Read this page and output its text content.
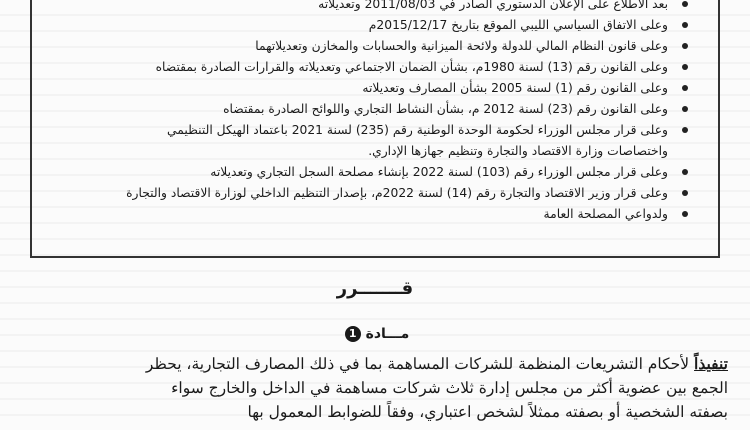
بعد الاطلاع على الإعلان الدستوري الصادر في 2011/08/03 وتعديلاته
وعلى الاتفاق السياسي الليبي الموقع بتاريخ 2015/12/17م
وعلى قانون النظام المالي للدولة ولائحة الميزانية والحسابات والمخازن وتعديلاتهما
وعلى القانون رقم (13) لسنة 1980م، بشأن الضمان الاجتماعي وتعديلاته والقرارات الصادرة بمقتضاه
وعلى القانون رقم (1) لسنة 2005 بشأن المصارف وتعديلاته
وعلى القانون رقم (23) لسنة 2012 م، بشأن النشاط التجاري واللوائح الصادرة بمقتضاه
وعلى قرار مجلس الوزراء لحكومة الوحدة الوطنية رقم (235) لسنة 2021 باعتماد الهيكل التنظيمي
واختصاصات وزارة الاقتصاد والتجارة وتنظيم جهازها الإداري.
وعلى قرار مجلس الوزراء رقم (103) لسنة 2022 بإنشاء مصلحة السجل التجاري وتعديلاته
وعلى قرار وزير الاقتصاد والتجارة رقم (14) لسنة 2022م، بإصدار التنظيم الداخلي لوزارة الاقتصاد والتجارة
ولدواعي المصلحة العامة
قـــــــرر
مـــادة 1
تنفيذاً لأحكام التشريعات المنظمة للشركات المساهمة بما في ذلك المصارف التجارية، يحظر
الجمع بين عضوية أكثر من مجلس إدارة ثلاث شركات مساهمة في الداخل والخارج سواء
بصفته الشخصية أو بصفته ممثلاً لشخص اعتباري، وفقاً للضوابط المعمول بها
